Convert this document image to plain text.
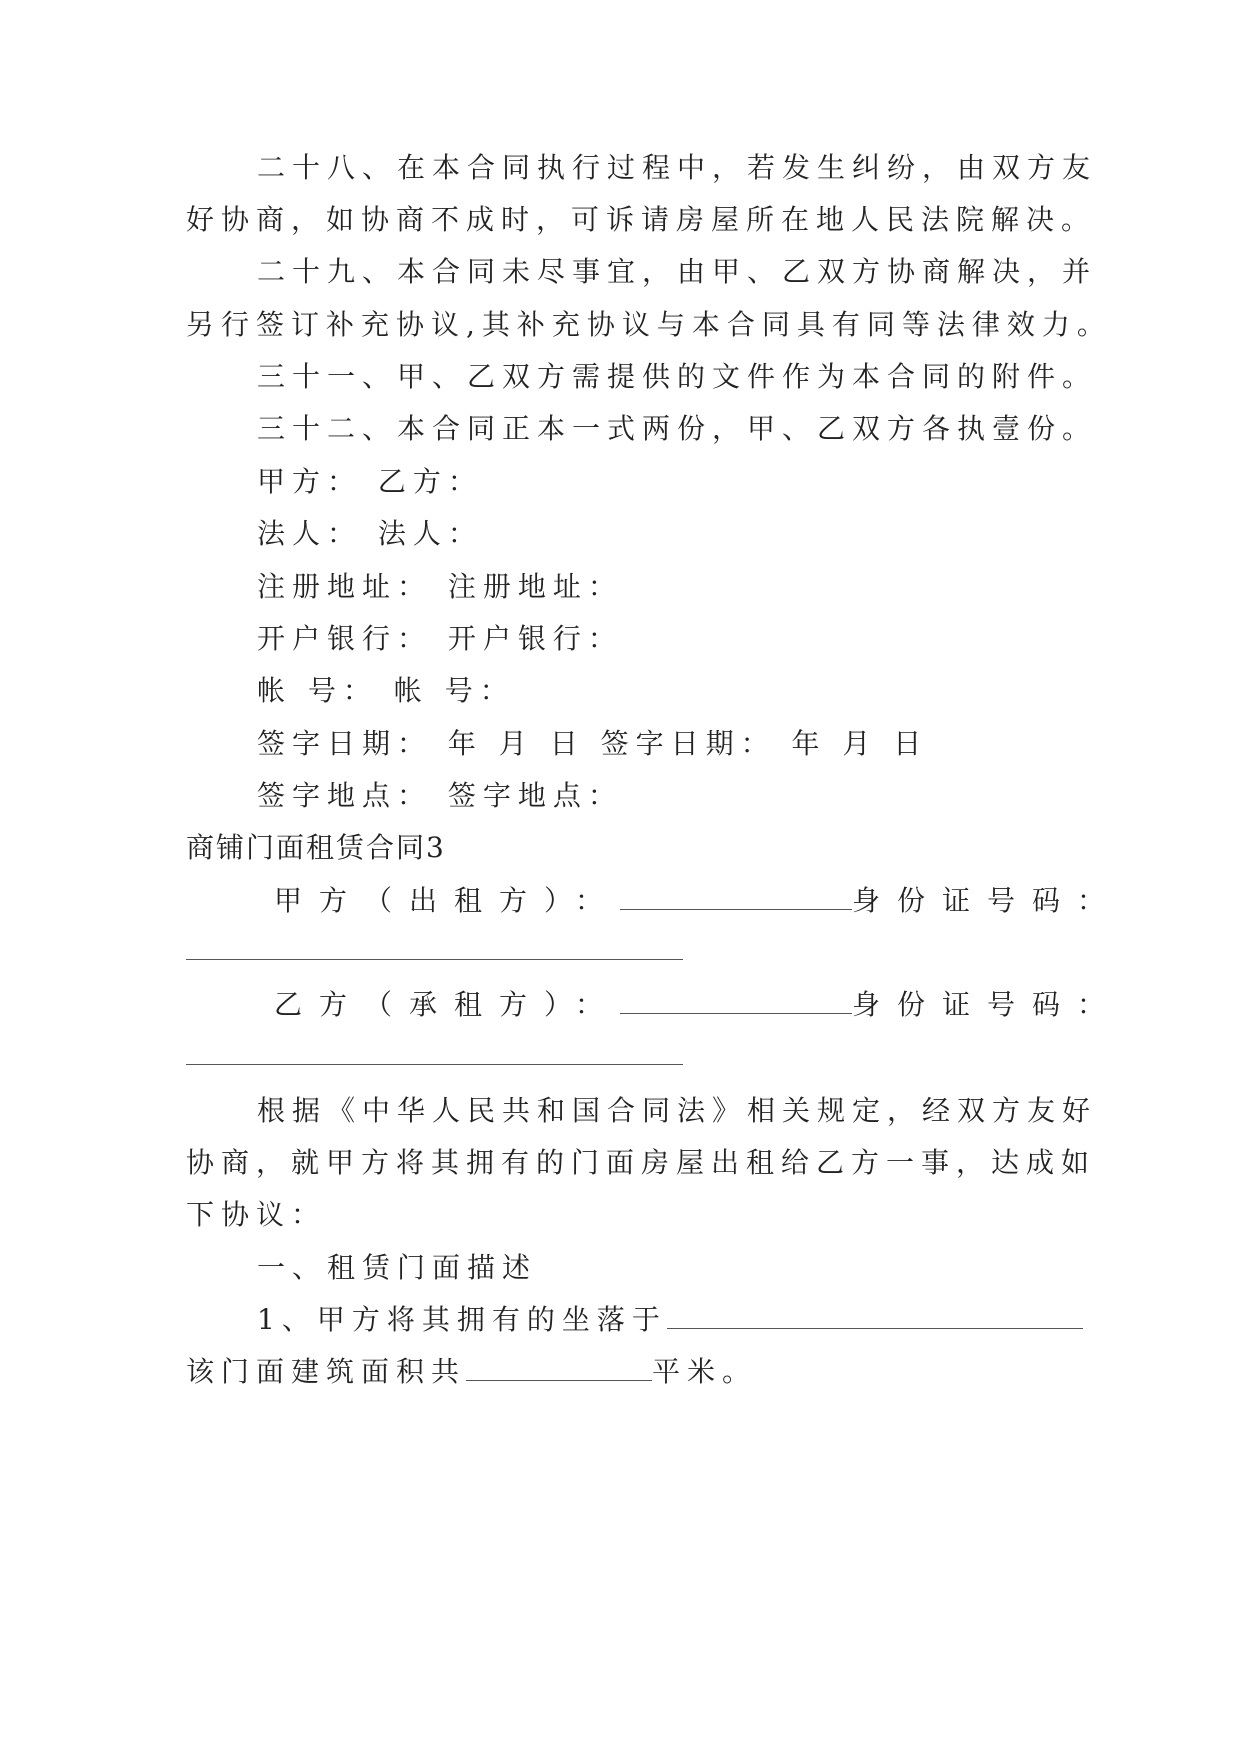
二十八、在本合同执行过程中，若发生纠纷，由双方友

好协商，如协商不成时，可诉请房屋所在地人民法院解决。

二十九、本合同未尽事宜，由甲、乙双方协商解决，并

另行签订补充协议,其补充协议与本合同具有同等法律效力。

三十一、甲、乙双方需提供的文件作为本合同的附件。

三十二、本合同正本一式两份，甲、乙双方各执壹份。

甲方： 乙方：

法人： 法人：

注册地址： 注册地址：

开户银行： 开户银行：

帐 号： 帐 号：

签字日期： 年 月 日 签字日期： 年 月 日

签字地点： 签字地点：

商铺门面租赁合同3

甲方（出租方）：	身份证号码：

乙方（承租方）：	身份证号码：

根据《中华人民共和国合同法》相关规定，经双方友好

协商，就甲方将其拥有的门面房屋出租给乙方一事，达成如

下协议：

一、租赁门面描述

1、甲方将其拥有的坐落于

该门面建筑面积共	平米。
